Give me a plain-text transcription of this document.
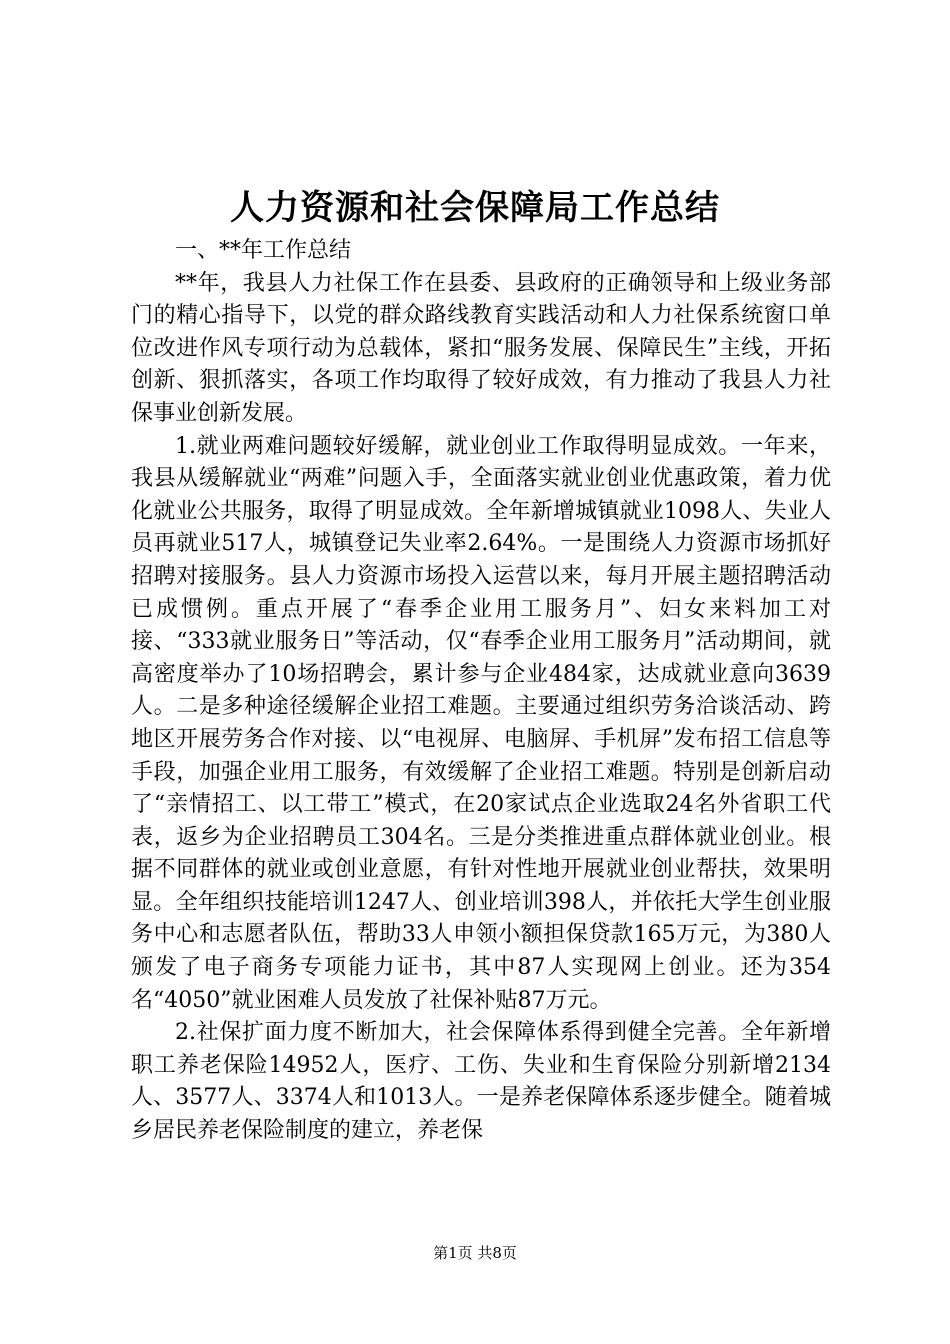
人力资源和社会保障局工作总结

一、**年工作总结

**年，我县人力社保工作在县委、县政府的正确领导和上级业务部门的精心指导下，以党的群众路线教育实践活动和人力社保系统窗口单位改进作风专项行动为总载体，紧扣“服务发展、保障民生”主线，开拓创新、狠抓落实，各项工作均取得了较好成效，有力推动了我县人力社保事业创新发展。

1.就业两难问题较好缓解，就业创业工作取得明显成效。一年来，我县从缓解就业“两难”问题入手，全面落实就业创业优惠政策，着力优化就业公共服务，取得了明显成效。全年新增城镇就业1098人、失业人员再就业517人，城镇登记失业率2.64%。一是围绕人力资源市场抓好招聘对接服务。县人力资源市场投入运营以来，每月开展主题招聘活动已成惯例。重点开展了“春季企业用工服务月”、妇女来料加工对接、“333就业服务日”等活动，仅“春季企业用工服务月”活动期间，就高密度举办了10场招聘会，累计参与企业484家，达成就业意向3639人。二是多种途径缓解企业招工难题。主要通过组织劳务洽谈活动、跨地区开展劳务合作对接、以“电视屏、电脑屏、手机屏”发布招工信息等手段，加强企业用工服务，有效缓解了企业招工难题。特别是创新启动了“亲情招工、以工带工”模式，在20家试点企业选取24名外省职工代表，返乡为企业招聘员工304名。三是分类推进重点群体就业创业。根据不同群体的就业或创业意愿，有针对性地开展就业创业帮扶，效果明显。全年组织技能培训1247人、创业培训398人，并依托大学生创业服务中心和志愿者队伍，帮助33人申领小额担保贷款165万元，为380人颁发了电子商务专项能力证书，其中87人实现网上创业。还为354名“4050”就业困难人员发放了社保补贴87万元。

2.社保扩面力度不断加大，社会保障体系得到健全完善。全年新增职工养老保险14952人，医疗、工伤、失业和生育保险分别新增2134人、3577人、3374人和1013人。一是养老保障体系逐步健全。随着城乡居民养老保险制度的建立，养老保

第1页 共8页
